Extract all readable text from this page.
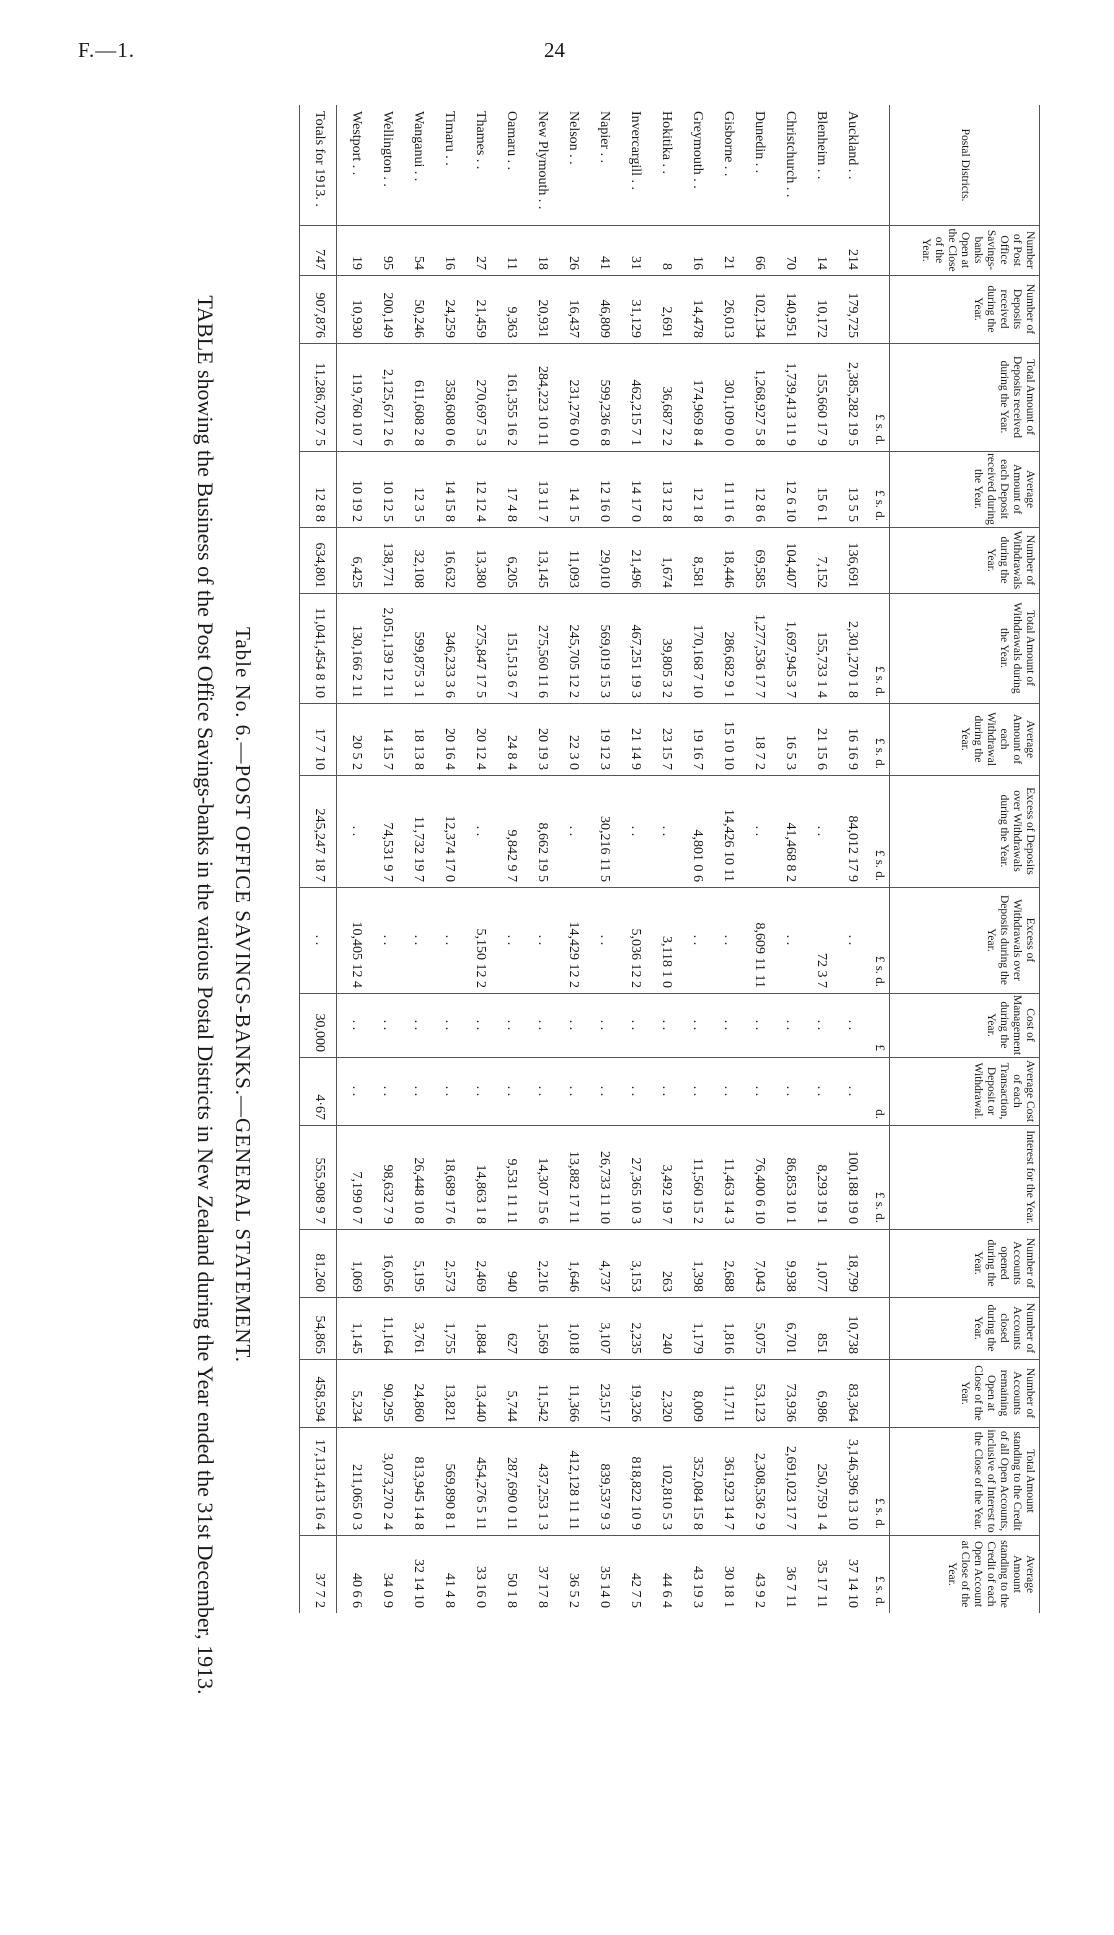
F.—1.	24
Postal Districts.
Number of Post Office Savings-banks Open at the Close of the Year.
Number of Deposits received during the Year.
Total Amount of Deposits received during the Year.
Average Amount of each Deposit received during the Year.
Number of Withdrawals during the Year.
Total Amount of Withdrawals during the Year.
Average Amount of each Withdrawal during the Year.
Excess of Deposits over Withdrawals during the Year.
Excess of Withdrawals over Deposits during the Year.
Cost of Management during the Year.
Average Cost of each Transaction, Deposit or Withdrawal.
Interest for the Year.
Number of Accounts opened during the Year.
Number of Accounts closed during the Year.
Number of Accounts remaining Open at Close of the Year.
Total Amount standing to the Credit of all Open Accounts, inclusive of Interest to the Close of the Year.
Average Amount standing to the Credit of each Open Account at Close of the Year.
£ s. d.
£ s. d.
£ s. d.
£ s. d.
£ s. d.
£ s. d.
£
d.
£ s. d.
£ s. d.
£ s. d.
Auckland . .
214
179,725
2,385,282 19 5
13 5 5
136,691
2,301,270 1 8
16 16 9
84,012 17 9
. .
. .
. .
100,188 19 0
18,799
10,738
83,364
3,146,396 13 10
37 14 10
Blenheim . .
14
10,172
155,660 17 9
15 6 1
7,152
155,733 1 4
21 15 6
. .
72 3 7
. .
. .
8,293 19 1
1,077
851
6,986
250,759 1 4
35 17 11
Christchurch . .
70
140,951
1,739,413 11 9
12 6 10
104,407
1,697,945 3 7
16 5 3
41,468 8 2
. .
. .
. .
86,853 10 1
9,938
6,701
73,936
2,691,023 17 7
36 7 11
Dunedin . .
66
102,134
1,268,927 5 8
12 8 6
69,585
1,277,536 17 7
18 7 2
. .
8,609 11 11
. .
. .
76,400 6 10
7,043
5,075
53,123
2,308,536 2 9
43 9 2
Gisborne . .
21
26,013
301,109 0 0
11 11 6
18,446
286,682 9 1
15 10 10
14,426 10 11
. .
. .
. .
11,463 14 3
2,688
1,816
11,711
361,923 14 7
30 18 1
Greymouth . .
16
14,478
174,969 8 4
12 1 8
8,581
170,168 7 10
19 16 7
4,801 0 6
. .
. .
. .
11,560 15 2
1,398
1,179
8,009
352,084 15 8
43 19 3
Hokitika . .
8
2,691
36,687 2 2
13 12 8
1,674
39,805 3 2
23 15 7
. .
3,118 1 0
. .
. .
3,492 19 7
263
240
2,320
102,810 5 3
44 6 4
Invercargill . .
31
31,129
462,215 7 1
14 17 0
21,496
467,251 19 3
21 14 9
. .
5,036 12 2
. .
. .
27,365 10 3
3,153
2,235
19,326
818,822 10 9
42 7 5
Napier . .
41
46,809
599,236 6 8
12 16 0
29,010
569,019 15 3
19 12 3
30,216 11 5
. .
. .
. .
26,733 11 10
4,737
3,107
23,517
839,537 9 3
35 14 0
Nelson . .
26
16,437
231,276 0 0
14 1 5
11,093
245,705 12 2
22 3 0
. .
14,429 12 2
. .
. .
13,882 17 11
1,646
1,018
11,366
412,128 11 11
36 5 2
New Plymouth . .
18
20,931
284,223 10 11
13 11 7
13,145
275,560 11 6
20 19 3
8,662 19 5
. .
. .
. .
14,307 15 6
2,216
1,569
11,542
437,253 1 3
37 17 8
Oamaru . .
11
9,363
161,355 16 2
17 4 8
6,205
151,513 6 7
24 8 4
9,842 9 7
. .
. .
. .
9,531 11 11
940
627
5,744
287,690 0 11
50 1 8
Thames . .
27
21,459
270,697 5 3
12 12 4
13,380
275,847 17 5
20 12 4
. .
5,150 12 2
. .
. .
14,863 1 8
2,469
1,884
13,440
454,276 5 11
33 16 0
Timaru . .
16
24,259
358,608 0 6
14 15 8
16,632
346,233 3 6
20 16 4
12,374 17 0
. .
. .
. .
18,689 17 6
2,573
1,755
13,821
569,890 8 1
41 4 8
Wanganui . .
54
50,246
611,608 2 8
12 3 5
32,108
599,875 3 1
18 13 8
11,732 19 7
. .
. .
. .
26,448 10 8
5,195
3,761
24,860
813,945 14 8
32 14 10
Wellington . .
95
200,149
2,125,671 2 6
10 12 5
138,771
2,051,139 12 11
14 15 7
74,531 9 7
. .
. .
. .
98,632 7 9
16,056
11,164
90,295
3,073,270 2 4
34 0 9
Westport . .
19
10,930
119,760 10 7
10 19 2
6,425
130,166 2 11
20 5 2
. .
10,405 12 4
. .
. .
7,199 0 7
1,069
1,145
5,234
211,065 0 3
40 6 6
Totals for 1913. .
747
907,876
11,286,702 7 5
12 8 8
634,801
11,041,454 8 10
17 7 10
245,247 18 7
. .
30,000
4·67
555,908 9 7
81,260
54,865
458,594
17,131,413 16 4
37 7 2
Table No. 6.—POST OFFICE SAVINGS-BANKS.—GENERAL STATEMENT.
TABLE showing the Business of the Post Office Savings-banks in the various Postal Districts in New Zealand during the Year ended the 31st December, 1913.
